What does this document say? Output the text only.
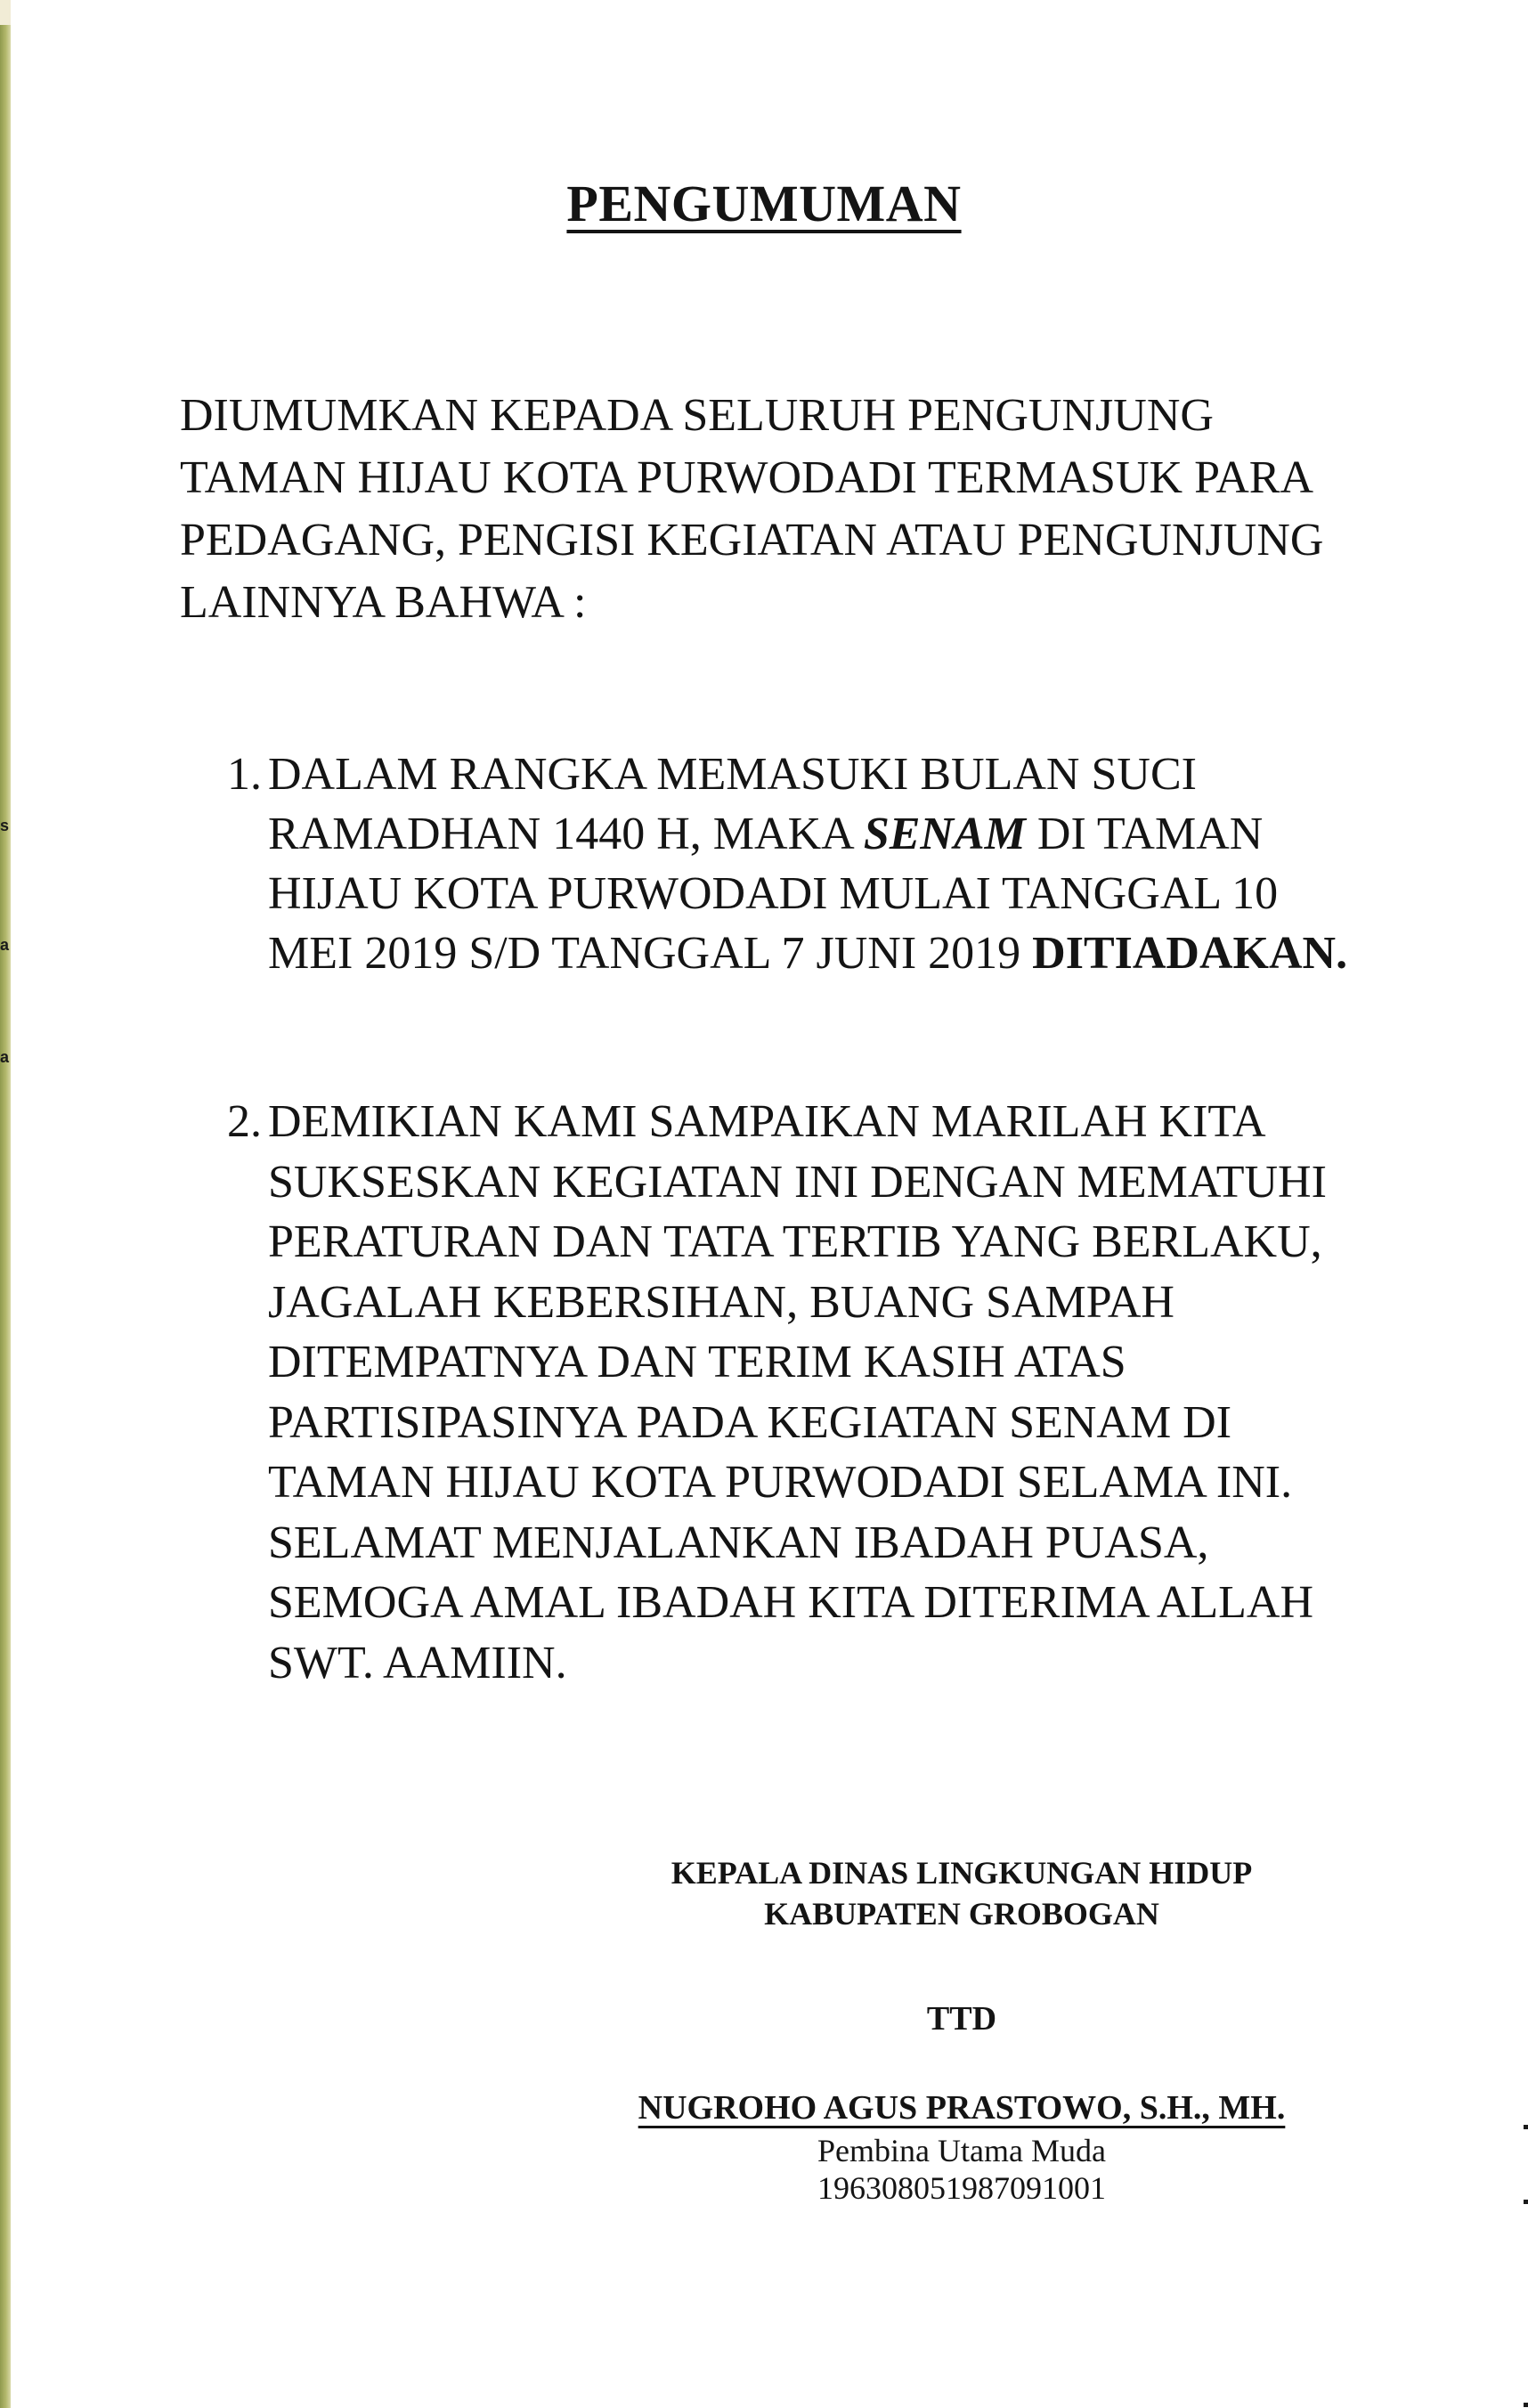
s
a
a
PENGUMUMAN
DIUMUMKAN KEPADA SELURUH PENGUNJUNG
TAMAN HIJAU KOTA PURWODADI TERMASUK PARA
PEDAGANG, PENGISI KEGIATAN ATAU PENGUNJUNG
LAINNYA BAHWA :
1. DALAM RANGKA MEMASUKI BULAN SUCI
RAMADHAN 1440 H, MAKA SENAM DI TAMAN
HIJAU KOTA PURWODADI MULAI TANGGAL 10
MEI 2019 S/D TANGGAL 7 JUNI 2019 DITIADAKAN.
2. DEMIKIAN KAMI SAMPAIKAN MARILAH KITA
SUKSESKAN KEGIATAN INI DENGAN MEMATUHI
PERATURAN DAN TATA TERTIB YANG BERLAKU,
JAGALAH KEBERSIHAN, BUANG SAMPAH
DITEMPATNYA DAN TERIM KASIH ATAS
PARTISIPASINYA PADA KEGIATAN SENAM DI
TAMAN HIJAU KOTA PURWODADI SELAMA INI.
SELAMAT MENJALANKAN IBADAH PUASA,
SEMOGA AMAL IBADAH KITA DITERIMA ALLAH
SWT. AAMIIN.
KEPALA DINAS LINGKUNGAN HIDUP
KABUPATEN GROBOGAN
TTD
NUGROHO AGUS PRASTOWO, S.H., MH.
Pembina Utama Muda
196308051987091001
